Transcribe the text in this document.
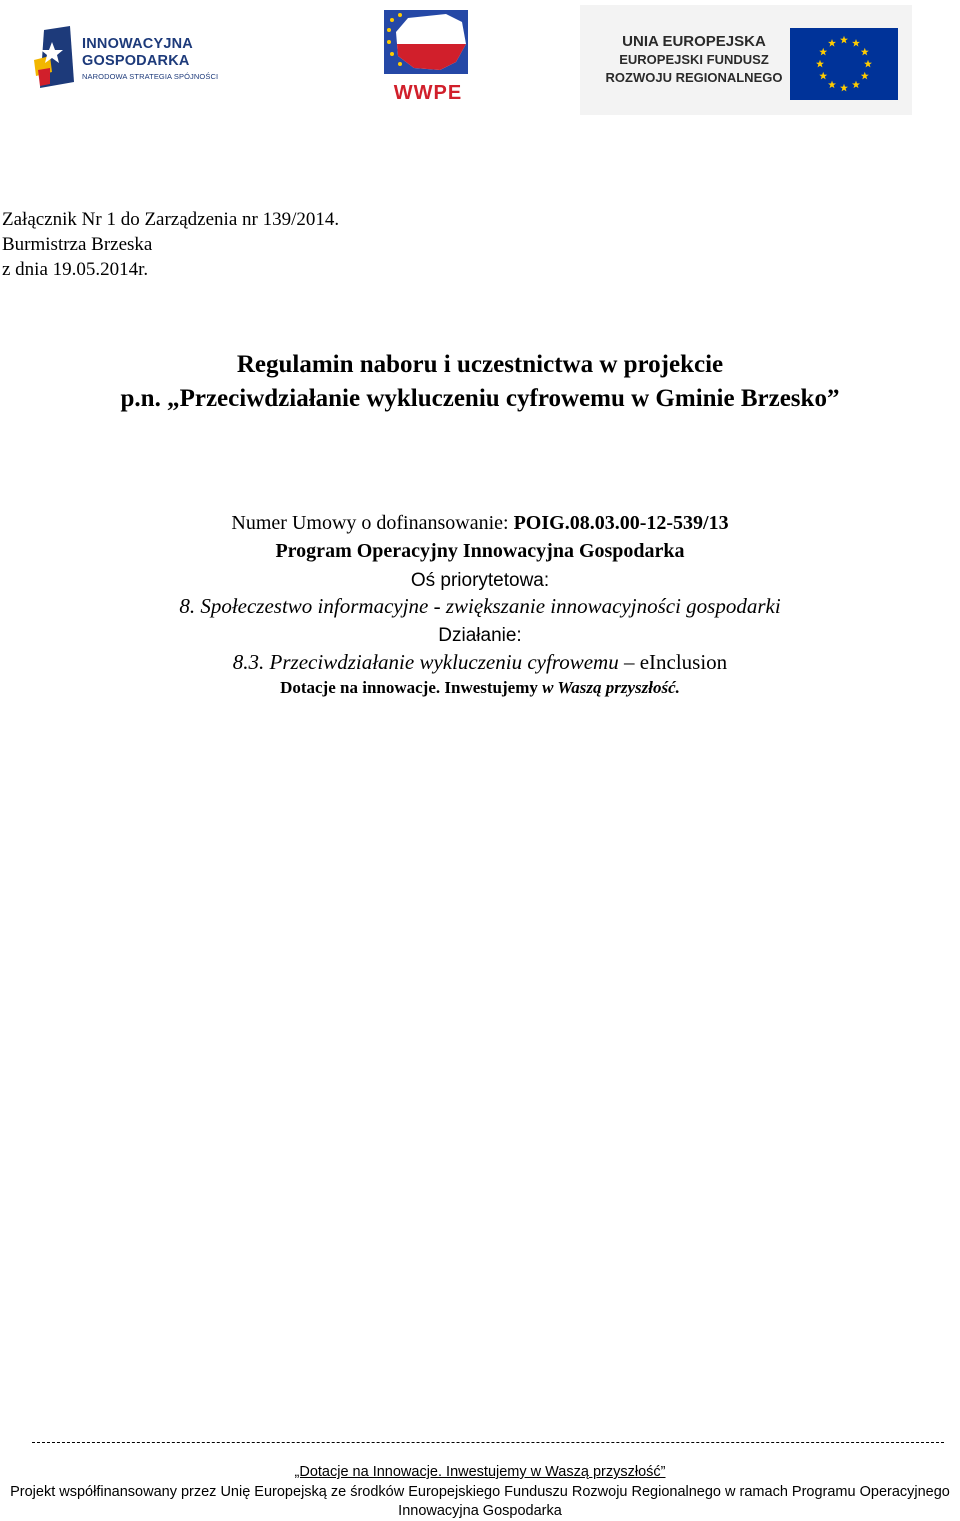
INNOWACYJNA
GOSPODARKA
NARODOWA STRATEGIA SPÓJNOŚCI
WWPE
UNIA EUROPEJSKA
EUROPEJSKI FUNDUSZ
ROZWOJU REGIONALNEGO
Załącznik Nr 1 do Zarządzenia nr 139/2014.
Burmistrza Brzeska
z dnia 19.05.2014r.
Regulamin naboru i uczestnictwa w projekcie
p.n. „Przeciwdziałanie wykluczeniu cyfrowemu w Gminie Brzesko”
Numer Umowy o dofinansowanie: POIG.08.03.00-12-539/13
Program Operacyjny Innowacyjna Gospodarka
Oś priorytetowa:
8. Społeczestwo informacyjne - zwiększanie innowacyjności gospodarki
Działanie:
8.3. Przeciwdziałanie wykluczeniu cyfrowemu – eInclusion
Dotacje na innowacje. Inwestujemy w Waszą przyszłość.
„Dotacje na Innowacje. Inwestujemy w Waszą przyszłość”
Projekt współfinansowany przez Unię Europejską ze środków Europejskiego Funduszu Rozwoju Regionalnego w ramach Programu Operacyjnego
Innowacyjna Gospodarka
